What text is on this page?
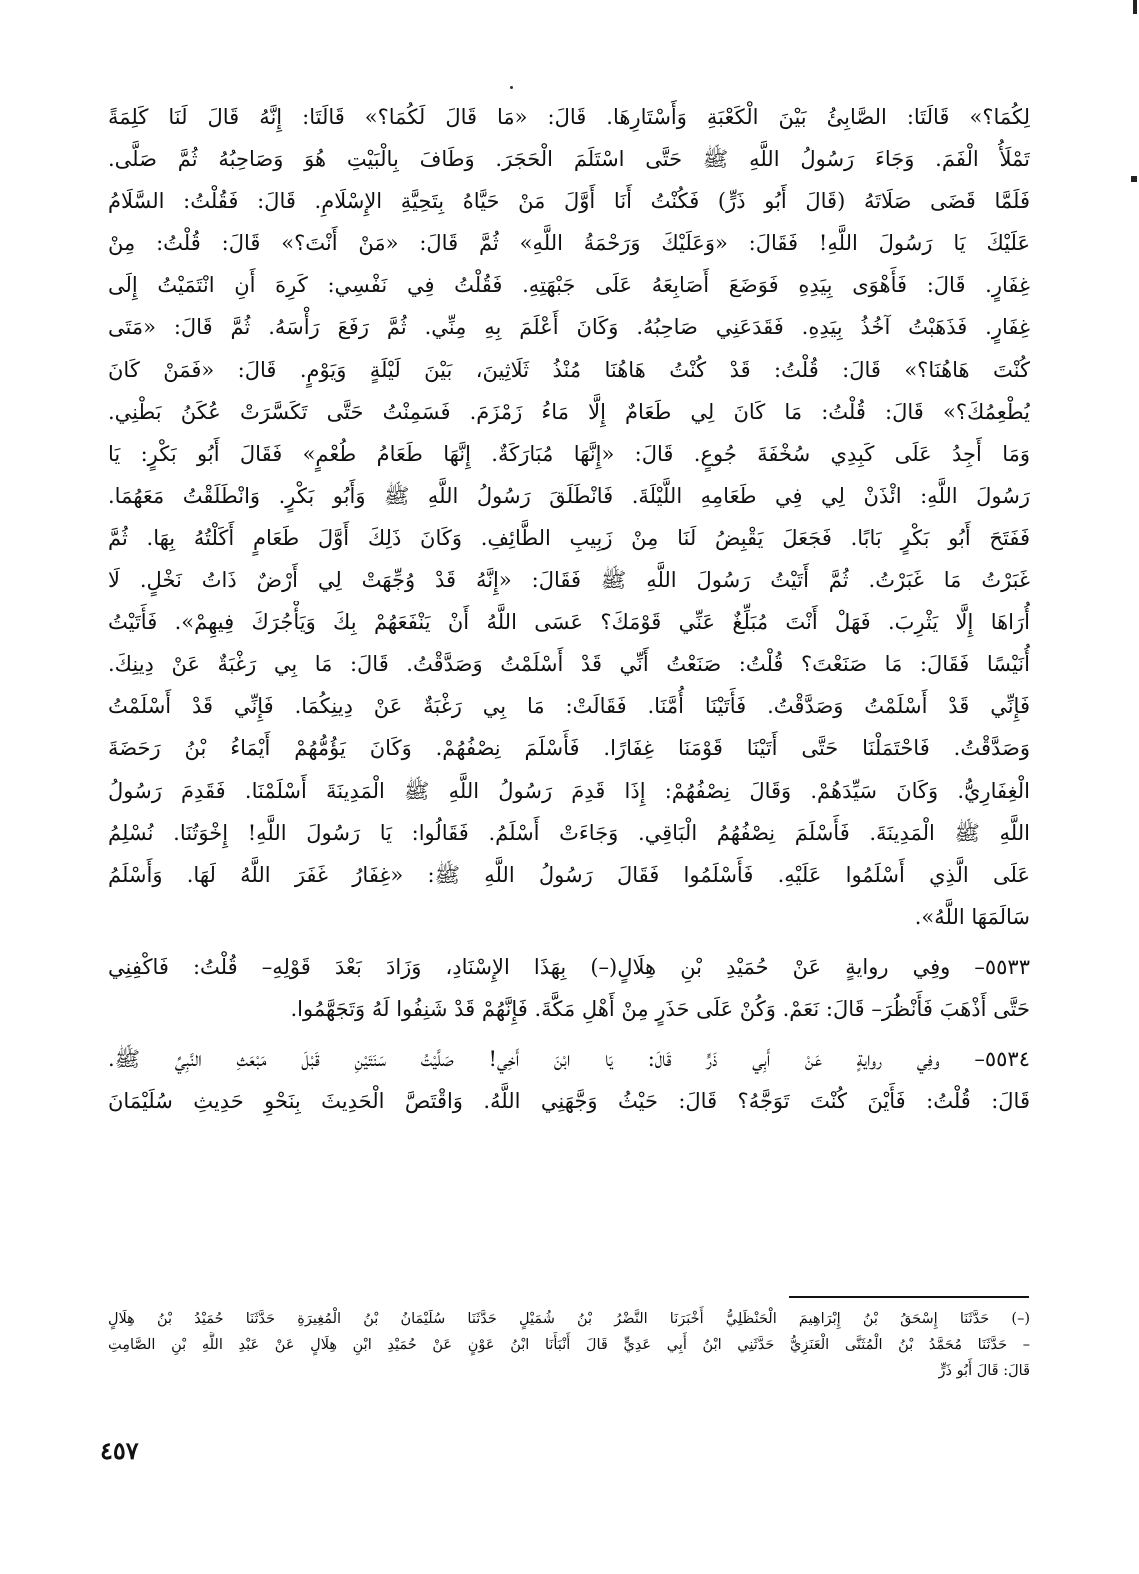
لِكُمَا؟» قَالَتَا: الصَّابِئُ بَيْنَ الْكَعْبَةِ وَأَسْتَارِهَا. قَالَ: «مَا قَالَ لَكُمَا؟» قَالَتَا: إِنَّهُ قَالَ لَنَا كَلِمَةً
تَمْلَأُ الْفَمَ. وَجَاءَ رَسُولُ اللَّهِ ﷺ حَتَّى اسْتَلَمَ الْحَجَرَ. وَطَافَ بِالْبَيْتِ هُوَ وَصَاحِبُهُ ثُمَّ صَلَّى.
فَلَمَّا قَضَى صَلَاتَهُ (قَالَ أَبُو ذَرٍّ) فَكُنْتُ أَنَا أَوَّلَ مَنْ حَيَّاهُ بِتَحِيَّةِ الإِسْلَامِ. قَالَ: فَقُلْتُ: السَّلَامُ
عَلَيْكَ يَا رَسُولَ اللَّهِ! فَقَالَ: «وَعَلَيْكَ وَرَحْمَةُ اللَّهِ» ثُمَّ قَالَ: «مَنْ أَنْتَ؟» قَالَ: قُلْتُ: مِنْ
غِفَارٍ. قَالَ: فَأَهْوَى بِيَدِهِ فَوَضَعَ أَصَابِعَهُ عَلَى جَبْهَتِهِ. فَقُلْتُ فِي نَفْسِي: كَرِهَ أَنِ انْتَمَيْتُ إِلَى
غِفَارٍ. فَذَهَبْتُ آخُذُ بِيَدِهِ. فَقَدَعَنِي صَاحِبُهُ. وَكَانَ أَعْلَمَ بِهِ مِنِّي. ثُمَّ رَفَعَ رَأْسَهُ. ثُمَّ قَالَ: «مَتَى
كُنْتَ هَاهُنَا؟» قَالَ: قُلْتُ: قَدْ كُنْتُ هَاهُنَا مُنْذُ ثَلَاثِينَ، بَيْنَ لَيْلَةٍ وَيَوْمٍ. قَالَ: «فَمَنْ كَانَ
يُطْعِمُكَ؟» قَالَ: قُلْتُ: مَا كَانَ لِي طَعَامٌ إِلَّا مَاءُ زَمْزَمَ. فَسَمِنْتُ حَتَّى تَكَسَّرَتْ عُكَنُ بَطْنِي.
وَمَا أَجِدُ عَلَى كَبِدِي سُخْفَةَ جُوعٍ. قَالَ: «إِنَّهَا مُبَارَكَةٌ. إِنَّهَا طَعَامُ طُعْمٍ» فَقَالَ أَبُو بَكْرٍ: يَا
رَسُولَ اللَّهِ: ائْذَنْ لِي فِي طَعَامِهِ اللَّيْلَةَ. فَانْطَلَقَ رَسُولُ اللَّهِ ﷺ وَأَبُو بَكْرٍ. وَانْطَلَقْتُ مَعَهُمَا.
فَفَتَحَ أَبُو بَكْرٍ بَابًا. فَجَعَلَ يَقْبِضُ لَنَا مِنْ زَبِيبِ الطَّائِفِ. وَكَانَ ذَلِكَ أَوَّلَ طَعَامٍ أَكَلْتُهُ بِهَا. ثُمَّ
غَبَرْتُ مَا غَبَرْتُ. ثُمَّ أَتَيْتُ رَسُولَ اللَّهِ ﷺ فَقَالَ: «إِنَّهُ قَدْ وُجِّهَتْ لِي أَرْضٌ ذَاتُ نَخْلٍ. لَا
أُرَاهَا إِلَّا يَثْرِبَ. فَهَلْ أَنْتَ مُبَلِّغٌ عَنِّي قَوْمَكَ؟ عَسَى اللَّهُ أَنْ يَنْفَعَهُمْ بِكَ وَيَأْجُرَكَ فِيهِمْ». فَأَتَيْتُ
أُنَيْسًا فَقَالَ: مَا صَنَعْتَ؟ قُلْتُ: صَنَعْتُ أَنِّي قَدْ أَسْلَمْتُ وَصَدَّقْتُ. قَالَ: مَا بِي رَغْبَةٌ عَنْ دِينِكَ.
فَإِنِّي قَدْ أَسْلَمْتُ وَصَدَّقْتُ. فَأَتَيْنَا أُمَّنَا. فَقَالَتْ: مَا بِي رَغْبَةٌ عَنْ دِينِكُمَا. فَإِنِّي قَدْ أَسْلَمْتُ
وَصَدَّقْتُ. فَاحْتَمَلْنَا حَتَّى أَتَيْنَا قَوْمَنَا غِفَارًا. فَأَسْلَمَ نِصْفُهُمْ. وَكَانَ يَؤُمُّهُمْ أَيْمَاءُ بْنُ رَحَضَةَ
الْغِفَارِيُّ. وَكَانَ سَيِّدَهُمْ. وَقَالَ نِصْفُهُمْ: إِذَا قَدِمَ رَسُولُ اللَّهِ ﷺ الْمَدِينَةَ أَسْلَمْنَا. فَقَدِمَ رَسُولُ
اللَّهِ ﷺ الْمَدِينَةَ. فَأَسْلَمَ نِصْفُهُمُ الْبَاقِي. وَجَاءَتْ أَسْلَمُ. فَقَالُوا: يَا رَسُولَ اللَّهِ! إِخْوَتُنَا. نُسْلِمُ
عَلَى الَّذِي أَسْلَمُوا عَلَيْهِ. فَأَسْلَمُوا فَقَالَ رَسُولُ اللَّهِ ﷺ: «غِفَارُ غَفَرَ اللَّهُ لَهَا. وَأَسْلَمُ
سَالَمَهَا اللَّهُ».
٥٥٣٣– وفِي روايةٍ عَنْ حُمَيْدِ بْنِ هِلَالٍ(–) بِهَذَا الإِسْنَادِ، وَزَادَ بَعْدَ قَوْلِهِ– قُلْتُ: فَاكْفِنِي
حَتَّى أَذْهَبَ فَأَنْظُرَ– قَالَ: نَعَمْ. وَكُنْ عَلَى حَذَرٍ مِنْ أَهْلِ مَكَّةَ. فَإِنَّهُمْ قَدْ شَنِفُوا لَهُ وَتَجَهَّمُوا.
٥٥٣٤– وفِي روايةٍ عَنْ أَبِي ذَرٍّ قَالَ: يَا ابْنَ أَخِي! صَلَّيْتُ سَنَتَيْنِ قَبْلَ مَبْعَثِ النَّبِيِّ ﷺ.
قَالَ: قُلْتُ: فَأَيْنَ كُنْتَ تَوَجَّهُ؟ قَالَ: حَيْثُ وَجَّهَنِي اللَّهُ. وَاقْتَصَّ الْحَدِيثَ بِنَحْوِ حَدِيثِ سُلَيْمَانَ
(–) حَدَّثَنَا إِسْحَقُ بْنُ إِبْرَاهِيمَ الْحَنْظَلِيُّ أَخْبَرَنَا النَّضْرُ بْنُ شُمَيْلٍ حَدَّثَنَا سُلَيْمَانُ بْنُ الْمُغِيرَةِ حَدَّثَنَا حُمَيْدُ بْنُ هِلَالٍ
– حَدَّثَنَا مُحَمَّدُ بْنُ الْمُثَنَّى الْعَنَزِيُّ حَدَّثَنِي ابْنُ أَبِي عَدِيٍّ قَالَ أَنْبَأَنَا ابْنُ عَوْنٍ عَنْ حُمَيْدِ ابْنِ هِلَالٍ عَنْ عَبْدِ اللَّهِ بْنِ الصَّامِتِ
قَالَ: قَالَ أَبُو ذَرٍّ
٤٥٧
